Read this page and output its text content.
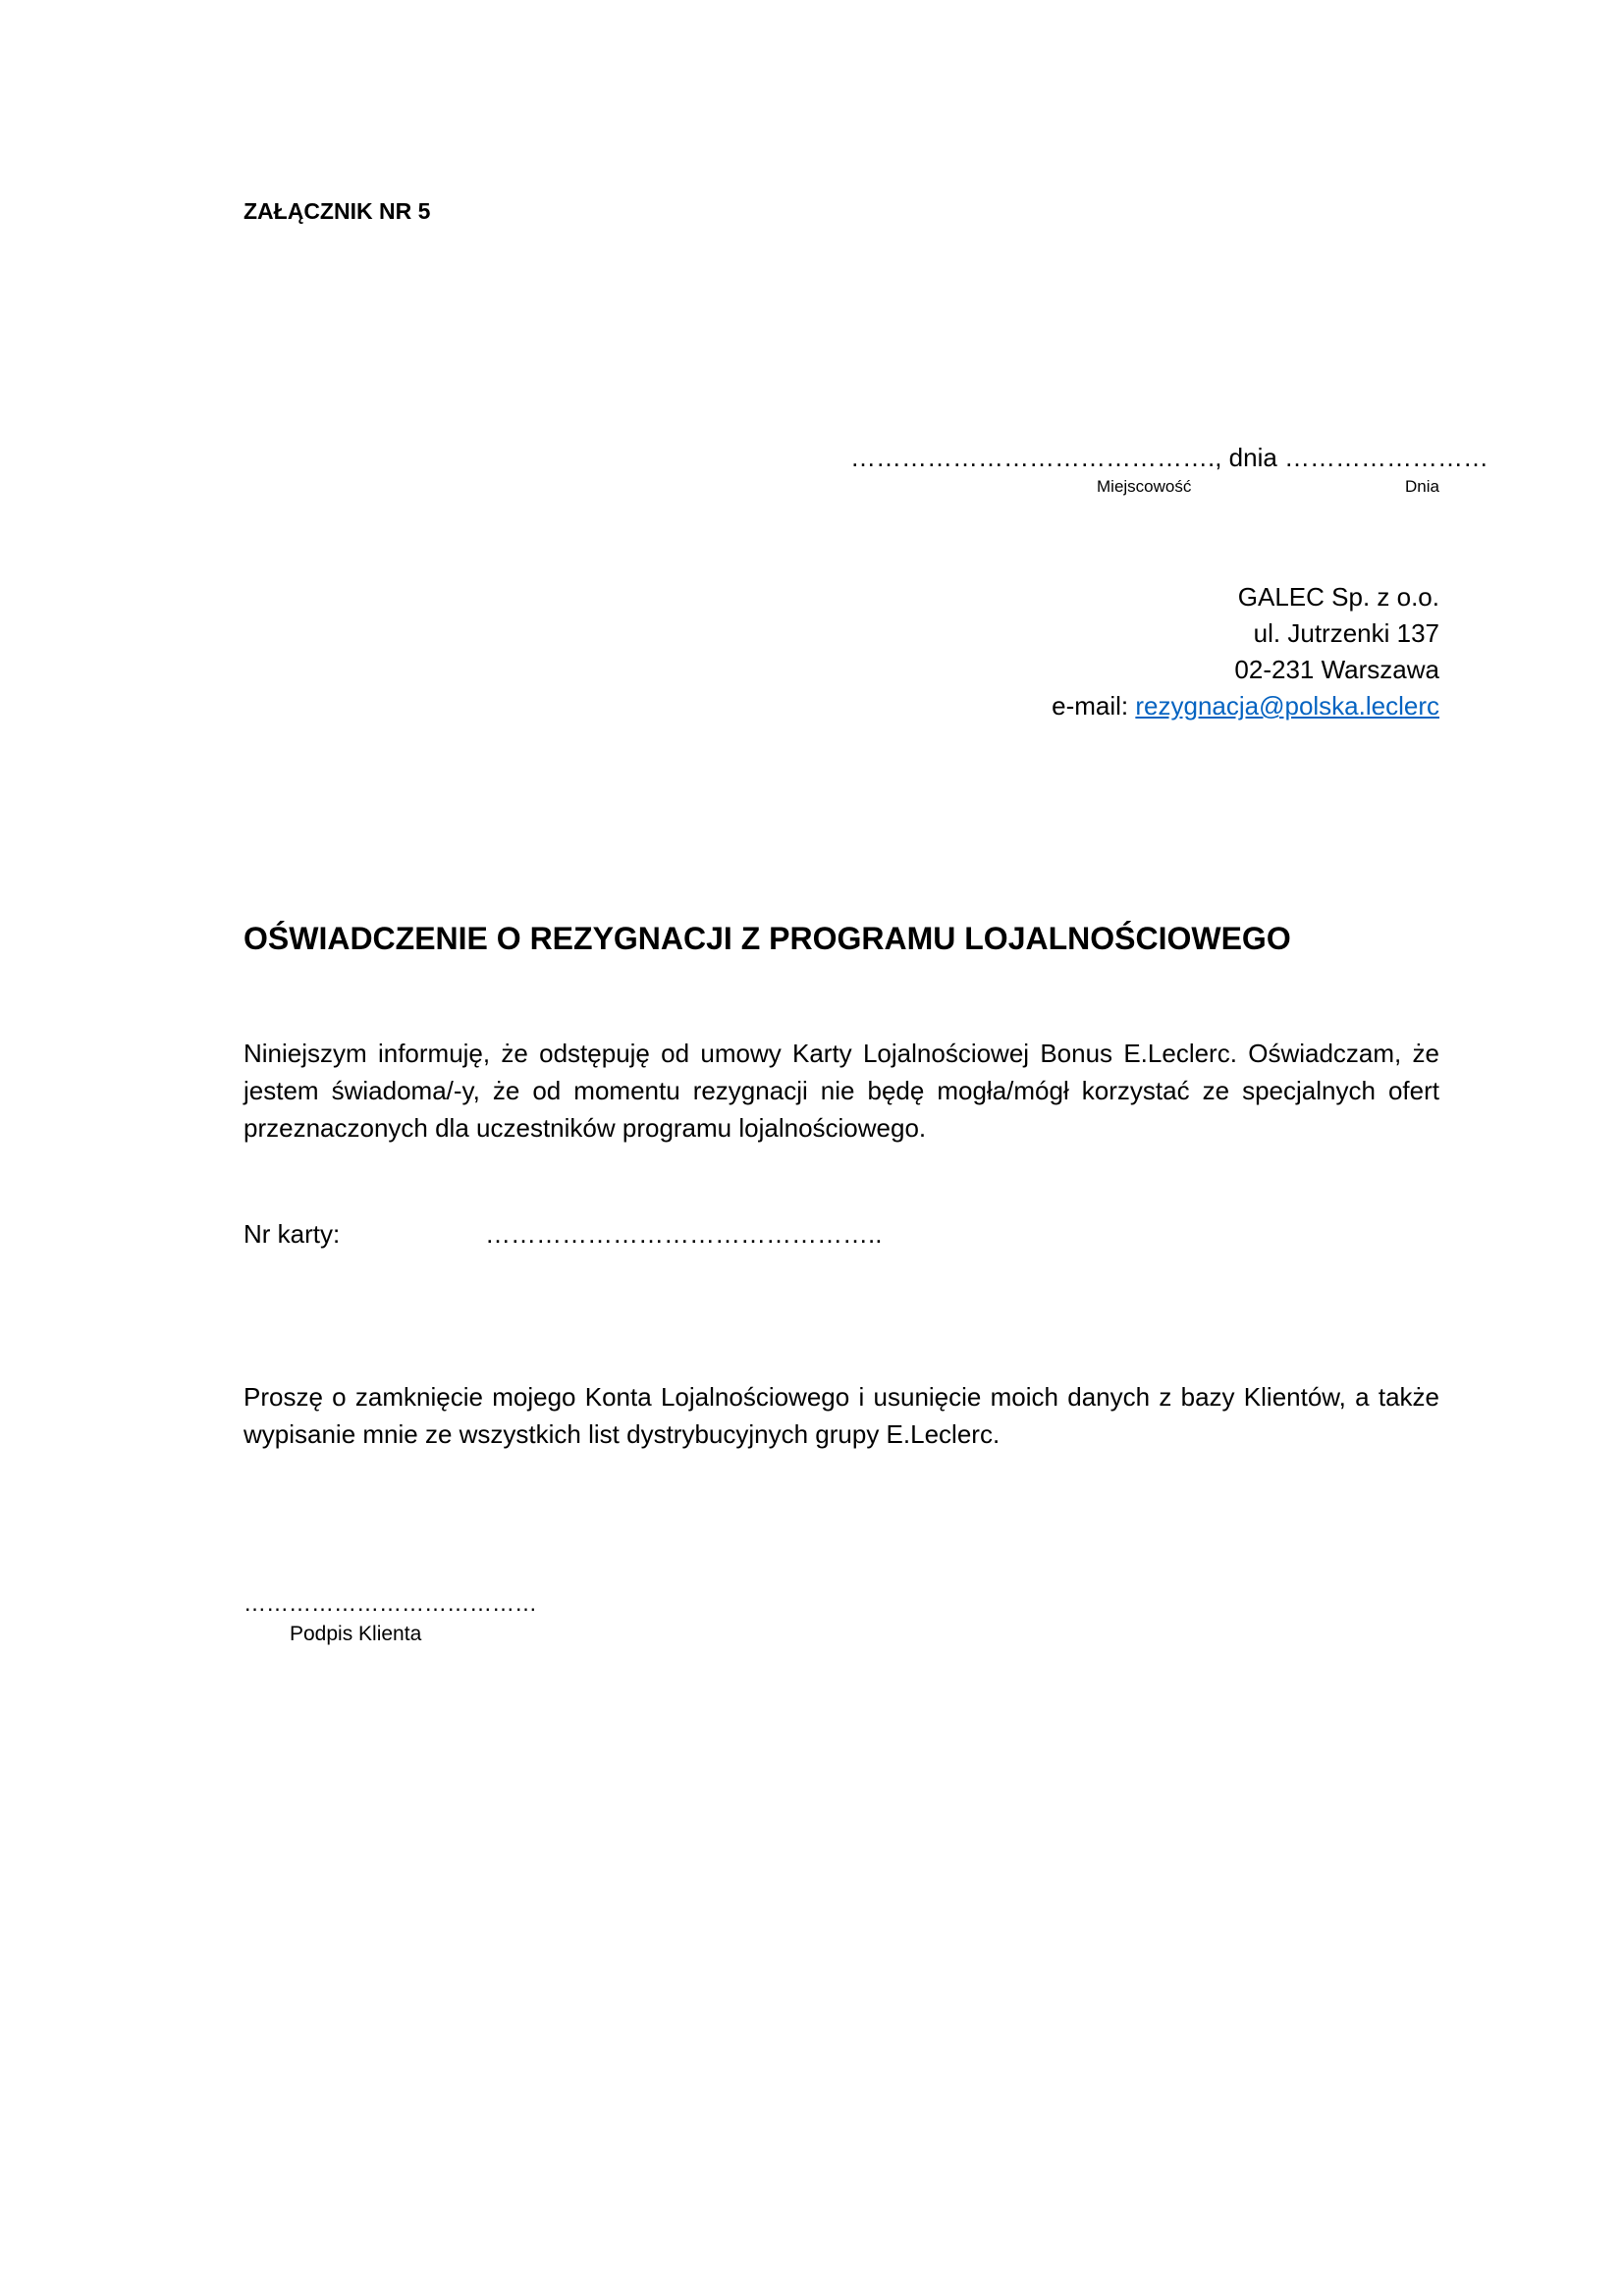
ZAŁĄCZNIK NR 5
……………………………………., dnia ……………………
Miejscowość	Dnia
GALEC Sp. z o.o.
ul. Jutrzenki 137
02-231 Warszawa
e-mail: rezygnacja@polska.leclerc
OŚWIADCZENIE O REZYGNACJI Z PROGRAMU LOJALNOŚCIOWEGO
Niniejszym informuję, że odstępuję od umowy Karty Lojalnościowej Bonus E.Leclerc. Oświadczam, że jestem świadoma/-y, że od momentu rezygnacji nie będę mogła/mógł korzystać ze specjalnych ofert przeznaczonych dla uczestników programu lojalnościowego.
Nr karty:	………………………………………..
Proszę o zamknięcie mojego Konta Lojalnościowego i usunięcie moich danych z bazy Klientów, a także wypisanie mnie ze wszystkich list dystrybucyjnych grupy E.Leclerc.
…………………………………
Podpis Klienta
